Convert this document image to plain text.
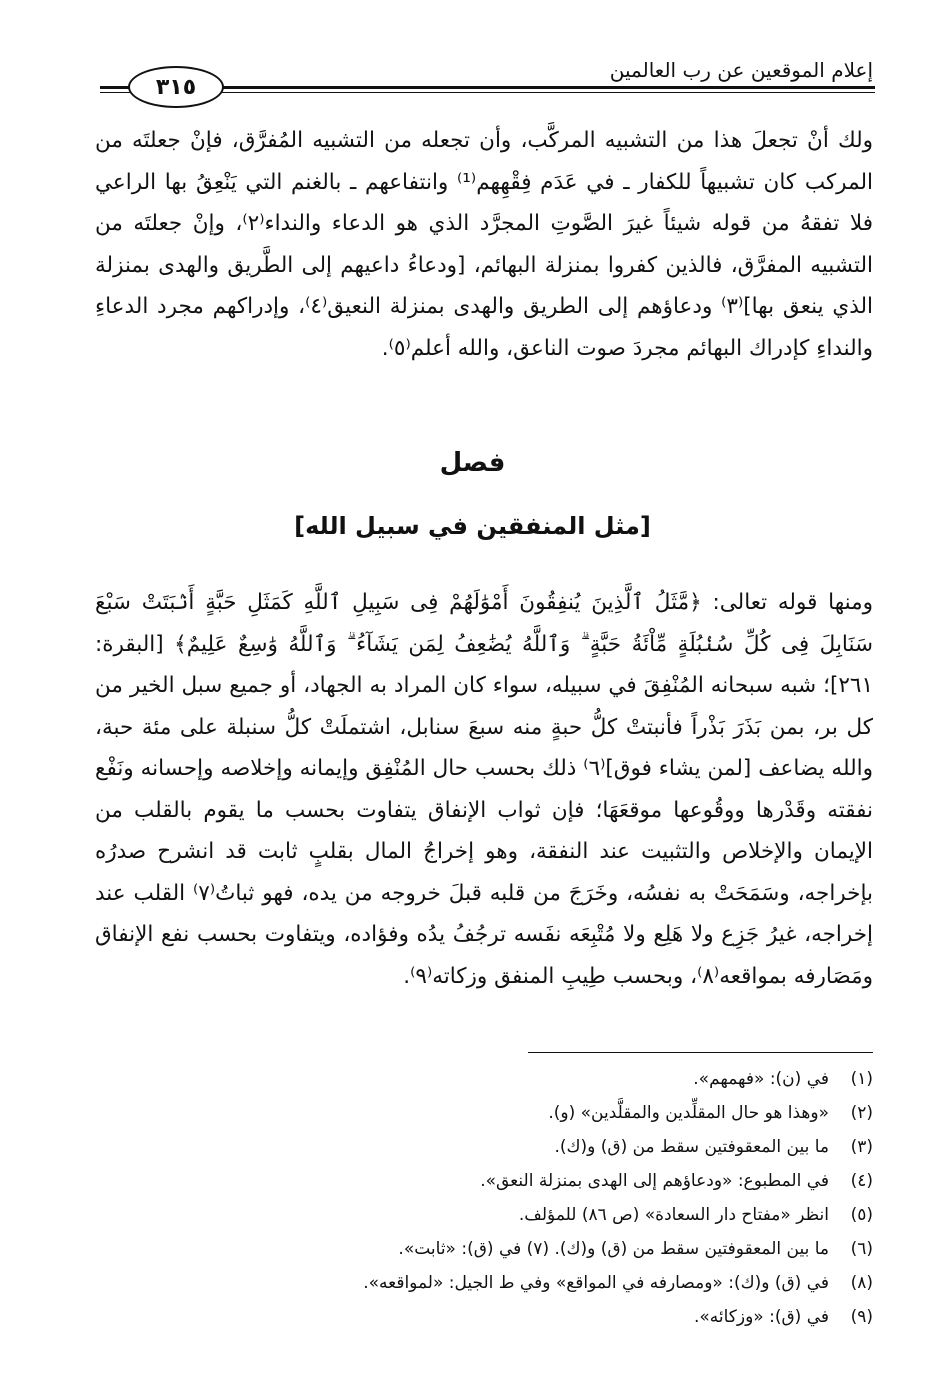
إعلام الموقعين عن رب العالمين
٣١٥
ولك أنْ تجعلَ هذا من التشبيه المركَّب، وأن تجعله من التشبيه المُفرَّق، فإنْ جعلتَه من المركب كان تشبيهاً للكفار ـ في عَدَم فِقْهِهم⁽¹⁾ وانتفاعهم ـ بالغنم التي يَنْعِقُ بها الراعي فلا تفقهُ من قوله شيئاً غيرَ الصَّوتِ المجرَّد الذي هو الدعاء والنداء⁽٢⁾، وإنْ جعلتَه من التشبيه المفرَّق، فالذين كفروا بمنزلة البهائم، [ودعاءُ داعيهم إلى الطَّريق والهدى بمنزلة الذي ينعق بها]⁽٣⁾ ودعاؤهم إلى الطريق والهدى بمنزلة النعيق⁽٤⁾، وإدراكهم مجرد الدعاءِ والنداءِ كإدراك البهائم مجردَ صوت الناعق، والله أعلم⁽٥⁾.
فصل
[مثل المنفقين في سبيل الله]
ومنها قوله تعالى: ﴿مَّثَلُ ٱلَّذِينَ يُنفِقُونَ أَمْوَٰلَهُمْ فِى سَبِيلِ ٱللَّهِ كَمَثَلِ حَبَّةٍ أَنۢبَتَتْ سَبْعَ سَنَابِلَ فِى كُلِّ سُنۢبُلَةٍ مِّاْئَةُ حَبَّةٍ ۗ وَٱللَّهُ يُضَٰعِفُ لِمَن يَشَآءُ ۗ وَٱللَّهُ وَٰسِعٌ عَلِيمٌ﴾ [البقرة: ٢٦١]؛ شبه سبحانه المُنْفِقَ في سبيله، سواء كان المراد به الجهاد، أو جميع سبل الخير من كل بر، بمن بَذَرَ بَذْراً فأنبتتْ كلُّ حبةٍ منه سبعَ سنابل، اشتملَتْ كلُّ سنبلة على مئة حبة، والله يضاعف [لمن يشاء فوق]⁽٦⁾ ذلك بحسب حال المُنْفِق وإيمانه وإخلاصه وإحسانه ونَفْع نفقته وقَدْرها ووقُوعها موقعَهَا؛ فإن ثواب الإنفاق يتفاوت بحسب ما يقوم بالقلب من الإيمان والإخلاص والتثبيت عند النفقة، وهو إخراجُ المال بقلبٍ ثابت قد انشرح صدرُه بإخراجه، وسَمَحَتْ به نفسُه، وخَرَجَ من قلبه قبلَ خروجه من يده، فهو ثباتُ⁽٧⁾ القلب عند إخراجه، غيرُ جَزِع ولا هَلِع ولا مُتْبِعَه نفَسه ترجُفُ يدُه وفؤاده، ويتفاوت بحسب نفع الإنفاق ومَصَارفه بمواقعه⁽٨⁾، وبحسب طِيبِ المنفق وزكاته⁽٩⁾.
(١)في (ن): «فهمهم».
(٢)«وهذا هو حال المقلِّدين والمقلَّدين» (و).
(٣)ما بين المعقوفتين سقط من (ق) و(ك).
(٤)في المطبوع: «ودعاؤهم إلى الهدى بمنزلة النعق».
(٥)انظر «مفتاح دار السعادة» (ص ٨٦) للمؤلف.
(٦)ما بين المعقوفتين سقط من (ق) و(ك). (٧) في (ق): «ثابت».
(٨)في (ق) و(ك): «ومصارفه في المواقع» وفي ط الجيل: «لمواقعه».
(٩)في (ق): «وزكائه».
